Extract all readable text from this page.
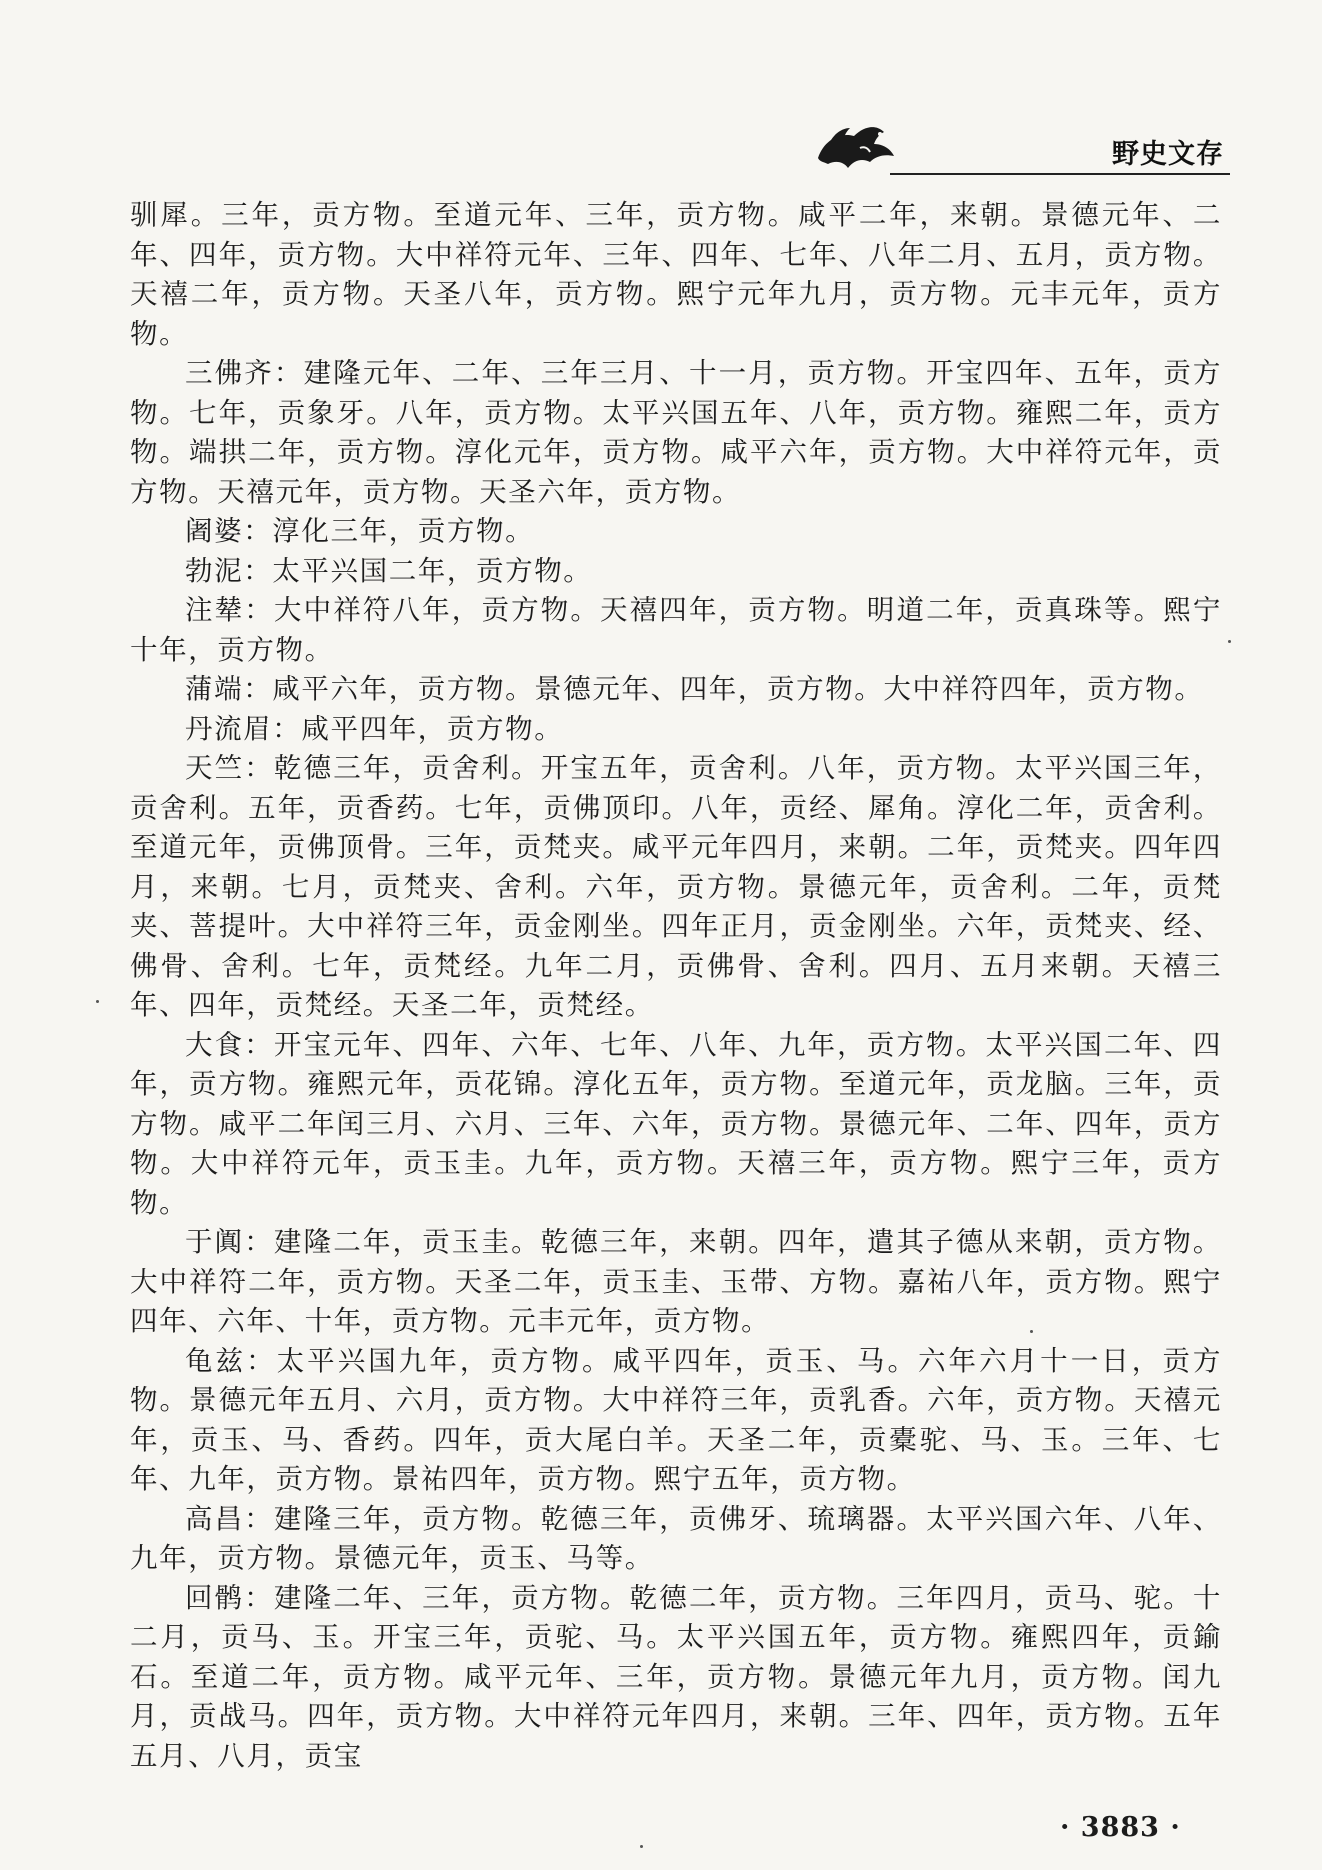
野史文存

驯犀。三年，贡方物。至道元年、三年，贡方物。咸平二年，来朝。景德元年、二年、四年，贡方物。大中祥符元年、三年、四年、七年、八年二月、五月，贡方物。天禧二年，贡方物。天圣八年，贡方物。熙宁元年九月，贡方物。元丰元年，贡方物。

三佛齐：建隆元年、二年、三年三月、十一月，贡方物。开宝四年、五年，贡方物。七年，贡象牙。八年，贡方物。太平兴国五年、八年，贡方物。雍熙二年，贡方物。端拱二年，贡方物。淳化元年，贡方物。咸平六年，贡方物。大中祥符元年，贡方物。天禧元年，贡方物。天圣六年，贡方物。

阇婆：淳化三年，贡方物。

勃泥：太平兴国二年，贡方物。

注辇：大中祥符八年，贡方物。天禧四年，贡方物。明道二年，贡真珠等。熙宁十年，贡方物。

蒲端：咸平六年，贡方物。景德元年、四年，贡方物。大中祥符四年，贡方物。

丹流眉：咸平四年，贡方物。

天竺：乾德三年，贡舍利。开宝五年，贡舍利。八年，贡方物。太平兴国三年，贡舍利。五年，贡香药。七年，贡佛顶印。八年，贡经、犀角。淳化二年，贡舍利。至道元年，贡佛顶骨。三年，贡梵夹。咸平元年四月，来朝。二年，贡梵夹。四年四月，来朝。七月，贡梵夹、舍利。六年，贡方物。景德元年，贡舍利。二年，贡梵夹、菩提叶。大中祥符三年，贡金刚坐。四年正月，贡金刚坐。六年，贡梵夹、经、佛骨、舍利。七年，贡梵经。九年二月，贡佛骨、舍利。四月、五月来朝。天禧三年、四年，贡梵经。天圣二年，贡梵经。

大食：开宝元年、四年、六年、七年、八年、九年，贡方物。太平兴国二年、四年，贡方物。雍熙元年，贡花锦。淳化五年，贡方物。至道元年，贡龙脑。三年，贡方物。咸平二年闰三月、六月、三年、六年，贡方物。景德元年、二年、四年，贡方物。大中祥符元年，贡玉圭。九年，贡方物。天禧三年，贡方物。熙宁三年，贡方物。

于阗：建隆二年，贡玉圭。乾德三年，来朝。四年，遣其子德从来朝，贡方物。大中祥符二年，贡方物。天圣二年，贡玉圭、玉带、方物。嘉祐八年，贡方物。熙宁四年、六年、十年，贡方物。元丰元年，贡方物。

龟兹：太平兴国九年，贡方物。咸平四年，贡玉、马。六年六月十一日，贡方物。景德元年五月、六月，贡方物。大中祥符三年，贡乳香。六年，贡方物。天禧元年，贡玉、马、香药。四年，贡大尾白羊。天圣二年，贡橐驼、马、玉。三年、七年、九年，贡方物。景祐四年，贡方物。熙宁五年，贡方物。

高昌：建隆三年，贡方物。乾德三年，贡佛牙、琉璃器。太平兴国六年、八年、九年，贡方物。景德元年，贡玉、马等。

回鹘：建隆二年、三年，贡方物。乾德二年，贡方物。三年四月，贡马、驼。十二月，贡马、玉。开宝三年，贡驼、马。太平兴国五年，贡方物。雍熙四年，贡鍮石。至道二年，贡方物。咸平元年、三年，贡方物。景德元年九月，贡方物。闰九月，贡战马。四年，贡方物。大中祥符元年四月，来朝。三年、四年，贡方物。五年五月、八月，贡宝

· 3883 ·
